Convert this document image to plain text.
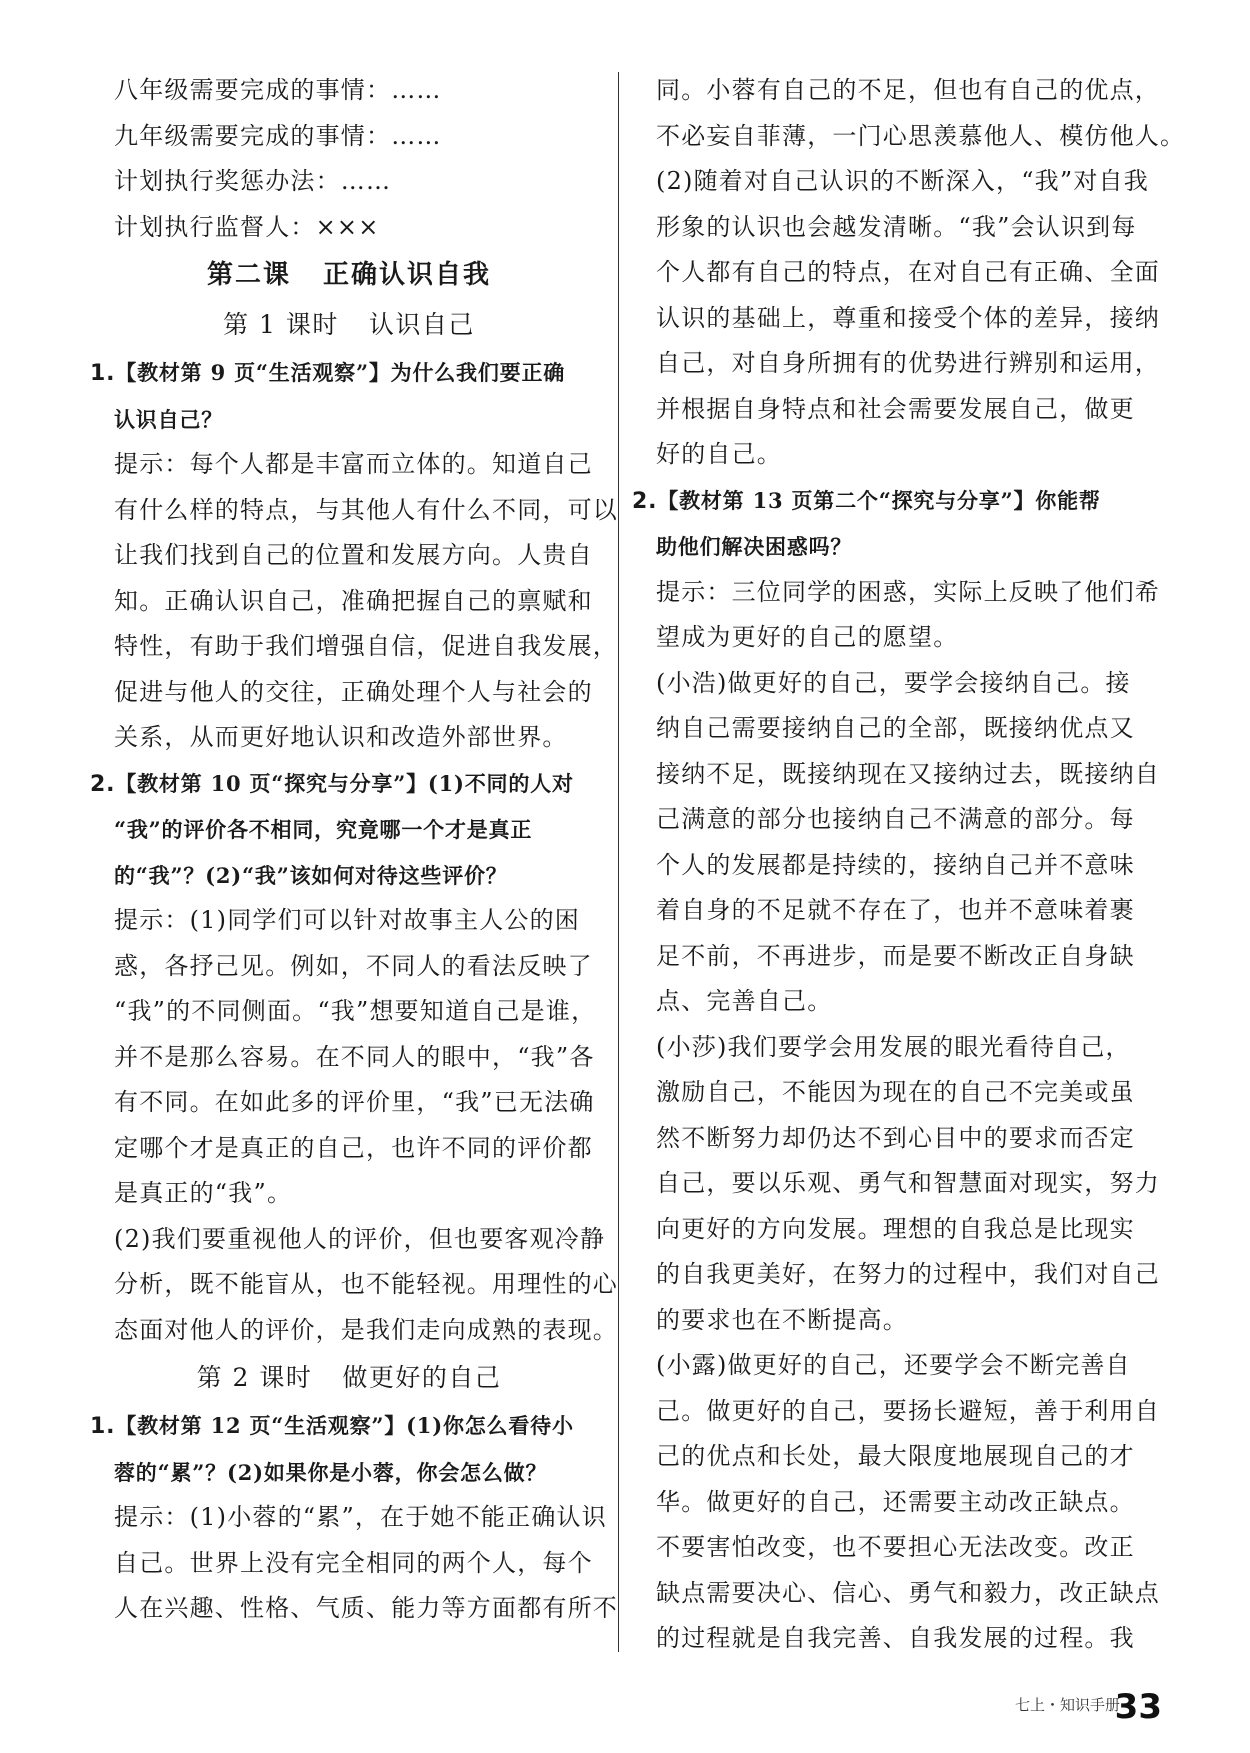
八年级需要完成的事情：……
九年级需要完成的事情：……
计划执行奖惩办法：……
计划执行监督人：×××
第二课 正确认识自我
第 1 课时 认识自己
1.【教材第 9 页“生活观察”】为什么我们要正确
认识自己？
提示：每个人都是丰富而立体的。知道自己
有什么样的特点，与其他人有什么不同，可以
让我们找到自己的位置和发展方向。人贵自
知。正确认识自己，准确把握自己的禀赋和
特性，有助于我们增强自信，促进自我发展，
促进与他人的交往，正确处理个人与社会的
关系，从而更好地认识和改造外部世界。
2.【教材第 10 页“探究与分享”】(1)不同的人对
“我”的评价各不相同，究竟哪一个才是真正
的“我”？(2)“我”该如何对待这些评价？
提示：(1)同学们可以针对故事主人公的困
惑，各抒己见。例如，不同人的看法反映了
“我”的不同侧面。“我”想要知道自己是谁，
并不是那么容易。在不同人的眼中，“我”各
有不同。在如此多的评价里，“我”已无法确
定哪个才是真正的自己，也许不同的评价都
是真正的“我”。
(2)我们要重视他人的评价，但也要客观冷静
分析，既不能盲从，也不能轻视。用理性的心
态面对他人的评价，是我们走向成熟的表现。
第 2 课时 做更好的自己
1.【教材第 12 页“生活观察”】(1)你怎么看待小
蓉的“累”？(2)如果你是小蓉，你会怎么做？
提示：(1)小蓉的“累”，在于她不能正确认识
自己。世界上没有完全相同的两个人，每个
人在兴趣、性格、气质、能力等方面都有所不
同。小蓉有自己的不足，但也有自己的优点，
不必妄自菲薄，一门心思羡慕他人、模仿他人。
(2)随着对自己认识的不断深入，“我”对自我
形象的认识也会越发清晰。“我”会认识到每
个人都有自己的特点，在对自己有正确、全面
认识的基础上，尊重和接受个体的差异，接纳
自己，对自身所拥有的优势进行辨别和运用，
并根据自身特点和社会需要发展自己，做更
好的自己。
2.【教材第 13 页第二个“探究与分享”】你能帮
助他们解决困惑吗？
提示：三位同学的困惑，实际上反映了他们希
望成为更好的自己的愿望。
(小浩)做更好的自己，要学会接纳自己。接
纳自己需要接纳自己的全部，既接纳优点又
接纳不足，既接纳现在又接纳过去，既接纳自
己满意的部分也接纳自己不满意的部分。每
个人的发展都是持续的，接纳自己并不意味
着自身的不足就不存在了，也并不意味着裹
足不前，不再进步，而是要不断改正自身缺
点、完善自己。
(小莎)我们要学会用发展的眼光看待自己，
激励自己，不能因为现在的自己不完美或虽
然不断努力却仍达不到心目中的要求而否定
自己，要以乐观、勇气和智慧面对现实，努力
向更好的方向发展。理想的自我总是比现实
的自我更美好，在努力的过程中，我们对自己
的要求也在不断提高。
(小露)做更好的自己，还要学会不断完善自
己。做更好的自己，要扬长避短，善于利用自
己的优点和长处，最大限度地展现自己的才
华。做更好的自己，还需要主动改正缺点。
不要害怕改变，也不要担心无法改变。改正
缺点需要决心、信心、勇气和毅力，改正缺点
的过程就是自我完善、自我发展的过程。我
七上・知识手册
33
